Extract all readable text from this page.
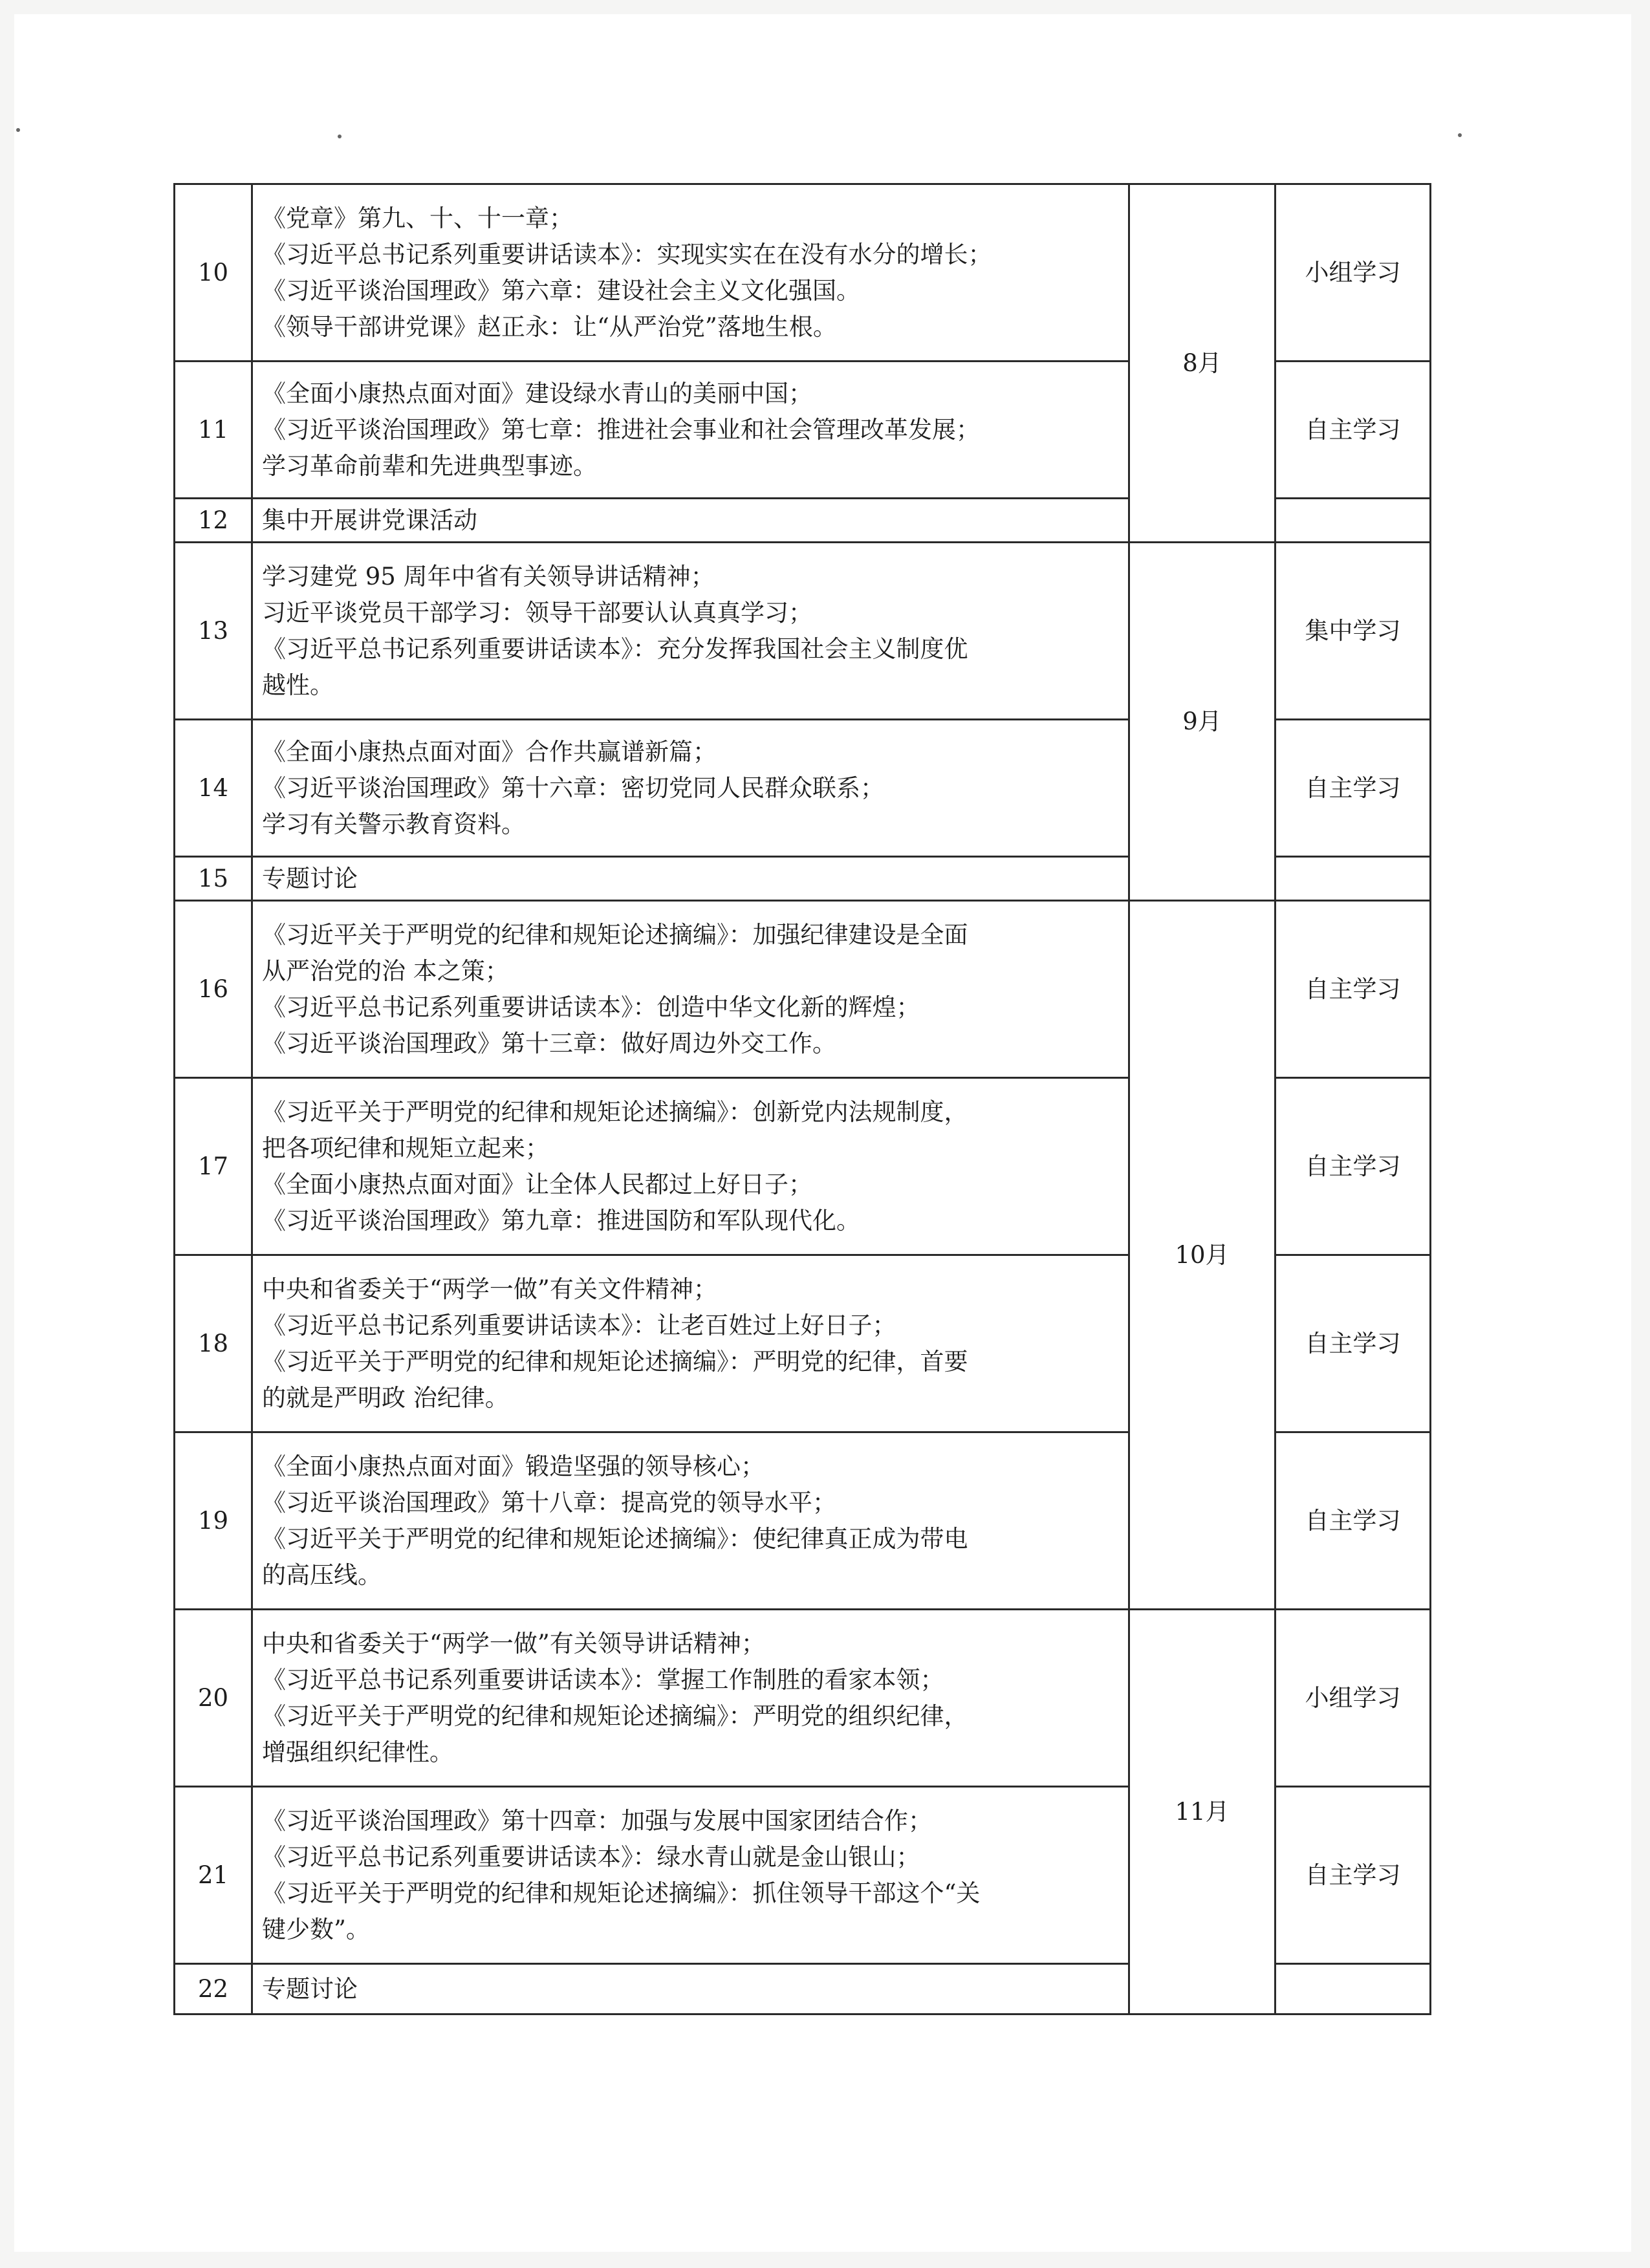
10	《党章》第九、十、十一章；
《习近平总书记系列重要讲话读本》：实现实实在在没有水分的增长；
《习近平谈治国理政》第六章：建设社会主义文化强国。
《领导干部讲党课》赵正永：让“从严治党”落地生根。	8月	小组学习
11	《全面小康热点面对面》建设绿水青山的美丽中国；
《习近平谈治国理政》第七章：推进社会事业和社会管理改革发展；
学习革命前辈和先进典型事迹。		自主学习
12	集中开展讲党课活动		

13	学习建党 95 周年中省有关领导讲话精神；
习近平谈党员干部学习：领导干部要认认真真学习；
《习近平总书记系列重要讲话读本》：充分发挥我国社会主义制度优
越性。	9月	集中学习
14	《全面小康热点面对面》合作共赢谱新篇；
《习近平谈治国理政》第十六章：密切党同人民群众联系；
学习有关警示教育资料。		自主学习
15	专题讨论		

16	《习近平关于严明党的纪律和规矩论述摘编》：加强纪律建设是全面
从严治党的治 本之策；
《习近平总书记系列重要讲话读本》：创造中华文化新的辉煌；
《习近平谈治国理政》第十三章：做好周边外交工作。	10月	自主学习
17	《习近平关于严明党的纪律和规矩论述摘编》：创新党内法规制度，
把各项纪律和规矩立起来；
《全面小康热点面对面》让全体人民都过上好日子；
《习近平谈治国理政》第九章：推进国防和军队现代化。		自主学习
18	中央和省委关于“两学一做”有关文件精神；
《习近平总书记系列重要讲话读本》：让老百姓过上好日子；
《习近平关于严明党的纪律和规矩论述摘编》：严明党的纪律，首要
的就是严明政 治纪律。		自主学习
19	《全面小康热点面对面》锻造坚强的领导核心；
《习近平谈治国理政》第十八章：提高党的领导水平；
《习近平关于严明党的纪律和规矩论述摘编》：使纪律真正成为带电
的高压线。		自主学习
20	中央和省委关于“两学一做”有关领导讲话精神；
《习近平总书记系列重要讲话读本》：掌握工作制胜的看家本领；
《习近平关于严明党的纪律和规矩论述摘编》：严明党的组织纪律，
增强组织纪律性。	11月	小组学习
21	《习近平谈治国理政》第十四章：加强与发展中国家团结合作；
《习近平总书记系列重要讲话读本》：绿水青山就是金山银山；
《习近平关于严明党的纪律和规矩论述摘编》：抓住领导干部这个“关
键少数”。		自主学习
22	专题讨论		
